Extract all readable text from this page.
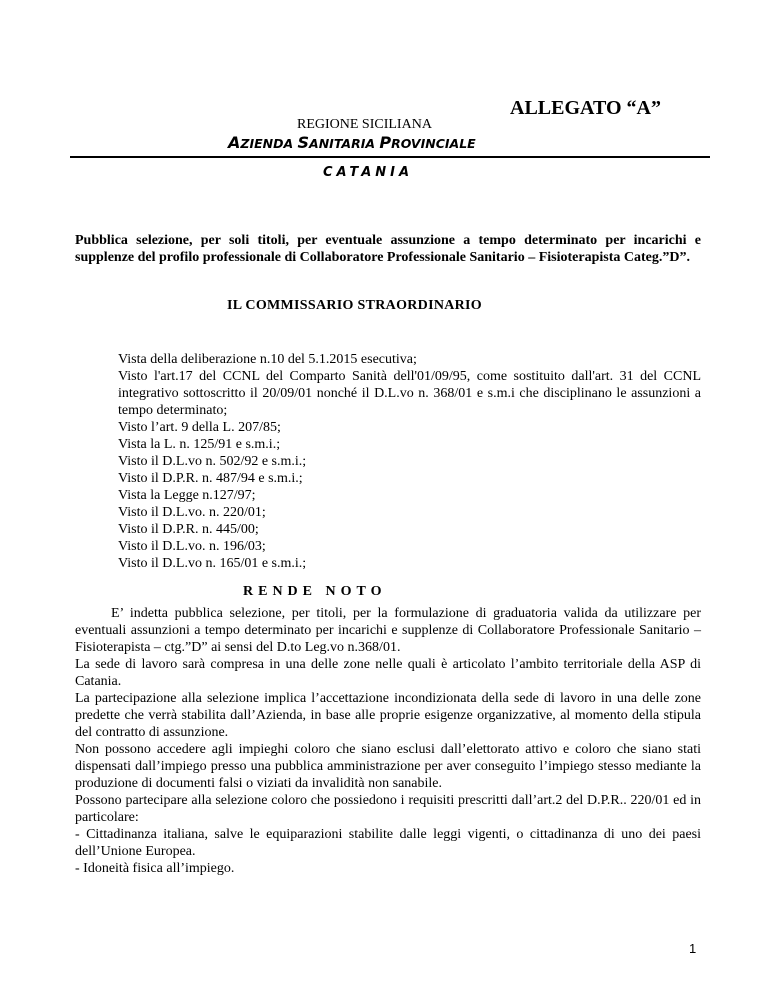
ALLEGATO “A”
REGIONE SICILIANA
AZIENDA SANITARIA PROVINCIALE
CATANIA
Pubblica selezione, per soli titoli, per eventuale assunzione a tempo determinato per incarichi e supplenze del profilo professionale di Collaboratore Professionale Sanitario – Fisioterapista Categ.”D”.
IL COMMISSARIO STRAORDINARIO
Vista della deliberazione n.10 del 5.1.2015 esecutiva;
Visto l'art.17 del CCNL del Comparto Sanità dell'01/09/95, come sostituito dall'art. 31 del CCNL integrativo sottoscritto il 20/09/01 nonché il D.L.vo n. 368/01 e s.m.i che disciplinano le assunzioni a tempo determinato;
Visto l’art. 9 della L. 207/85;
Vista la L. n. 125/91 e s.m.i.;
Visto il D.L.vo n. 502/92 e s.m.i.;
Visto il D.P.R. n. 487/94 e s.m.i.;
Vista la Legge n.127/97;
Visto il D.L.vo. n. 220/01;
Visto il D.P.R. n. 445/00;
Visto il D.L.vo. n. 196/03;
Visto il D.L.vo n. 165/01 e s.m.i.;
RENDE NOTO

E’ indetta pubblica selezione, per titoli, per la formulazione di graduatoria valida da utilizzare per eventuali assunzioni a tempo determinato per incarichi e supplenze di Collaboratore Professionale Sanitario – Fisioterapista – ctg.”D” ai sensi del D.to Leg.vo n.368/01.

La sede di lavoro sarà compresa in una delle zone nelle quali è articolato l’ambito territoriale della ASP di Catania.

La partecipazione alla selezione implica l’accettazione incondizionata della sede di lavoro in una delle zone predette che verrà stabilita dall’Azienda, in base alle proprie esigenze organizzative, al momento della stipula del contratto di assunzione.

Non possono accedere agli impieghi coloro che siano esclusi dall’elettorato attivo e coloro che siano stati dispensati dall’impiego presso una pubblica amministrazione per aver conseguito l’impiego stesso mediante la produzione di documenti falsi o viziati da invalidità non sanabile.

Possono partecipare alla selezione coloro che possiedono i requisiti prescritti dall’art.2 del D.P.R.. 220/01 ed in particolare:

- Cittadinanza italiana, salve le equiparazioni stabilite dalle leggi vigenti, o cittadinanza di uno dei paesi dell’Unione Europea.

- Idoneità fisica all’impiego.

1
